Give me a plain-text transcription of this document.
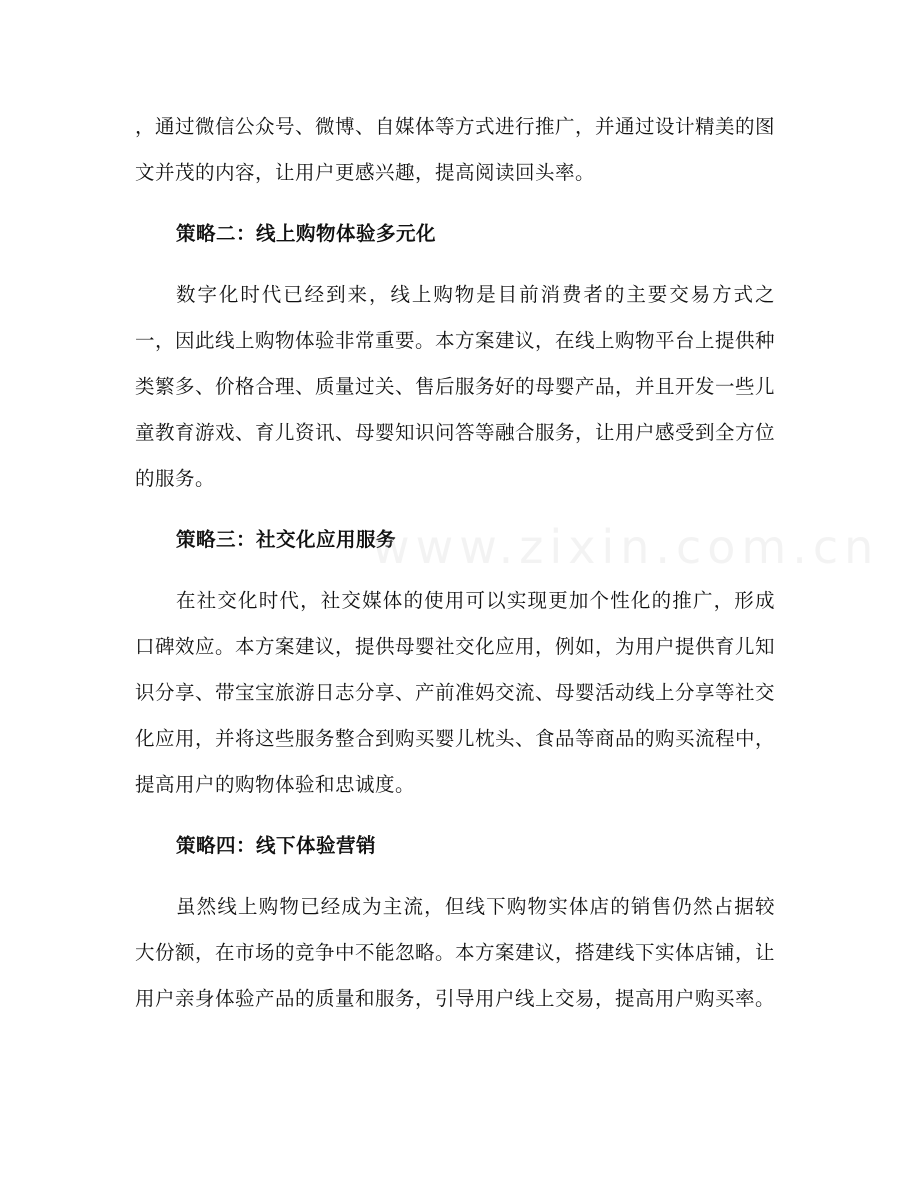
，通过微信公众号、微博、自媒体等方式进行推广，并通过设计精美的图文并茂的内容，让用户更感兴趣，提高阅读回头率。

策略二：线上购物体验多元化

数字化时代已经到来，线上购物是目前消费者的主要交易方式之一，因此线上购物体验非常重要。本方案建议，在线上购物平台上提供种类繁多、价格合理、质量过关、售后服务好的母婴产品，并且开发一些儿童教育游戏、育儿资讯、母婴知识问答等融合服务，让用户感受到全方位的服务。

策略三：社交化应用服务

在社交化时代，社交媒体的使用可以实现更加个性化的推广，形成口碑效应。本方案建议，提供母婴社交化应用，例如，为用户提供育儿知识分享、带宝宝旅游日志分享、产前准妈交流、母婴活动线上分享等社交化应用，并将这些服务整合到购买婴儿枕头、食品等商品的购买流程中，提高用户的购物体验和忠诚度。

策略四：线下体验营销

虽然线上购物已经成为主流，但线下购物实体店的销售仍然占据较大份额，在市场的竞争中不能忽略。本方案建议，搭建线下实体店铺，让用户亲身体验产品的质量和服务，引导用户线上交易，提高用户购买率。

www.zixin.com.cn
